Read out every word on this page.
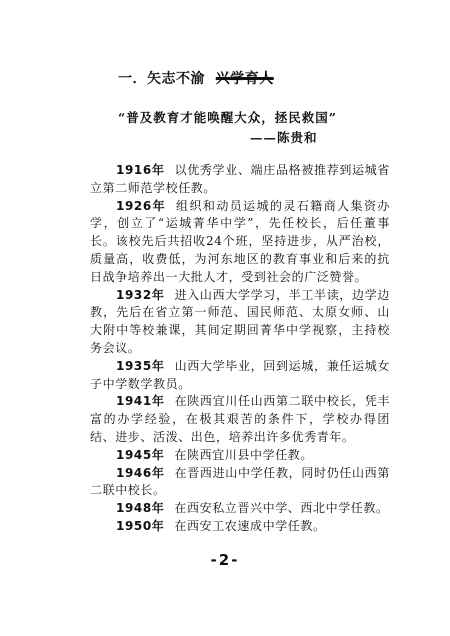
一．矢志不渝 兴学育人
“普及教育才能唤醒大众，拯民救国”
——陈贵和

1916年 以优秀学业、端庄品格被推荐到运城省立第二师范学校任教。

1926年 组织和动员运城的灵石籍商人集资办学，创立了“运城菁华中学”，先任校长，后任董事长。该校先后共招收24个班，坚持进步，从严治校，质量高，收费低，为河东地区的教育事业和后来的抗日战争培养出一大批人才，受到社会的广泛赞誉。

1932年 进入山西大学学习，半工半读，边学边教，先后在省立第一师范、国民师范、太原女师、山大附中等校兼课，其间定期回菁华中学视察，主持校务会议。

1935年 山西大学毕业，回到运城，兼任运城女子中学数学教员。

1941年 在陕西宜川任山西第二联中校长，凭丰富的办学经验，在极其艰苦的条件下，学校办得团结、进步、活泼、出色，培养出许多优秀青年。

1945年 在陕西宜川县中学任教。

1946年 在晋西进山中学任教，同时仍任山西第二联中校长。

1948年 在西安私立晋兴中学、西北中学任教。

1950年 在西安工农速成中学任教。

-2-
